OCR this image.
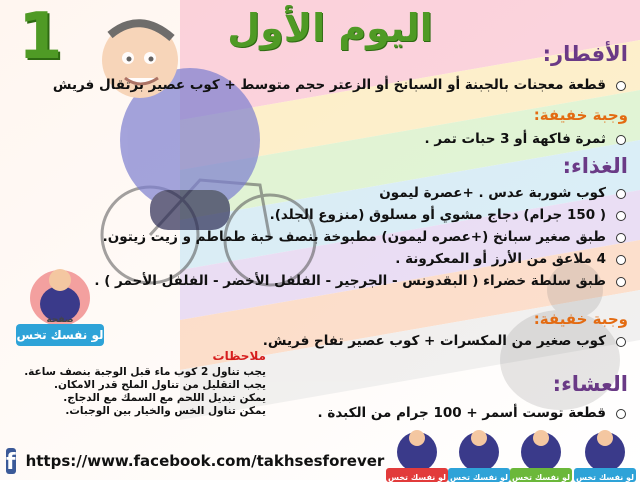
1	اليوم الأول
الأفطار:
قطعة معجنات بالجبنة أو السبانخ أو الزعتر حجم متوسط + كوب عصير برتقال فريش
وجبة خفيفة:
ثمرة فاكهة أو 3 حبات تمر .
الغذاء:
كوب شوربة عدس . +عصرة ليمون
( 150 جرام) دجاج مشوي أو مسلوق (منزوع الجلد).
طبق صغير سبانخ (+عصره ليمون) مطبوخة بنصف حبة طماطم و زيت زيتون.
4 ملاعق من الأرز أو المعكرونة .
طبق سلطة خضراء ( البقدونس - الجرجير - الفلفل الأخضر - الفلفل الأحمر ) .
وجبة خفيفة:
كوب صغير من المكسرات + كوب عصير تفاح فريش.
العشاء:
قطعة توست أسمر + 100 جرام من الكبدة .
صفحة
لو نفسك تخس
ملاحظات
يجب تناول 2 كوب ماء قبل الوجبة بنصف ساعة.
يجب التقليل من تناول الملح قدر الامكان.
يمكن تبديل اللحم مع السمك مع الدجاج.
يمكن تناول الخس والخيار بين الوجبات.
لو نفسك تخس لو نفسك تخس لو نفسك تخس لو نفسك تخس
f https://www.facebook.com/takhsesforever
